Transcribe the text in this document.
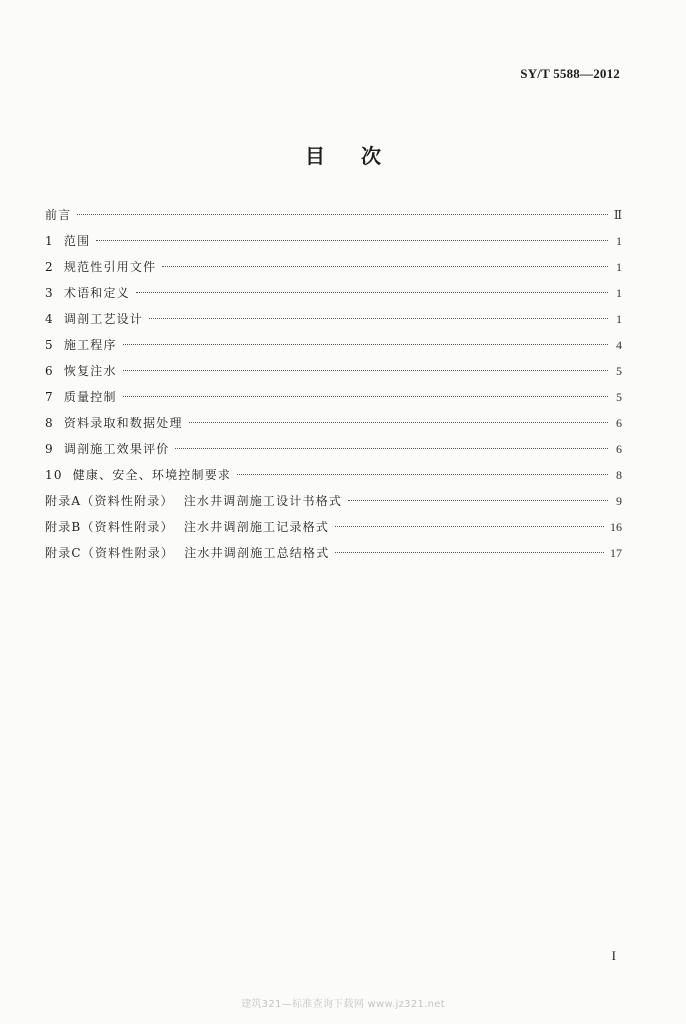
SY/T 5588—2012
目次
前言	Ⅱ
1  范围	1
2  规范性引用文件	1
3  术语和定义	1
4  调剖工艺设计	1
5  施工程序	4
6  恢复注水	5
7  质量控制	5
8  资料录取和数据处理	6
9  调剖施工效果评价	6
10  健康、安全、环境控制要求	8
附录A（资料性附录）  注水井调剖施工设计书格式	9
附录B（资料性附录）  注水井调剖施工记录格式	16
附录C（资料性附录）  注水井调剖施工总结格式	17
I
建筑321—标准查询下载网 www.jz321.net
